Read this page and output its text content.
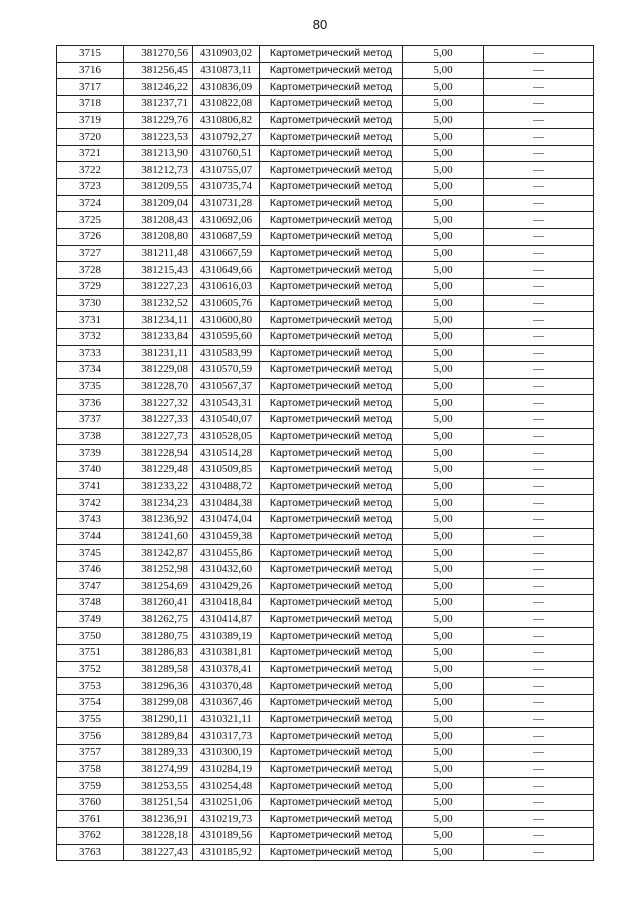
80
3715	381270,56	4310903,02	Картометрический метод	5,00	—
3716	381256,45	4310873,11	Картометрический метод	5,00	—
3717	381246,22	4310836,09	Картометрический метод	5,00	—
3718	381237,71	4310822,08	Картометрический метод	5,00	—
3719	381229,76	4310806,82	Картометрический метод	5,00	—
3720	381223,53	4310792,27	Картометрический метод	5,00	—
3721	381213,90	4310760,51	Картометрический метод	5,00	—
3722	381212,73	4310755,07	Картометрический метод	5,00	—
3723	381209,55	4310735,74	Картометрический метод	5,00	—
3724	381209,04	4310731,28	Картометрический метод	5,00	—
3725	381208,43	4310692,06	Картометрический метод	5,00	—
3726	381208,80	4310687,59	Картометрический метод	5,00	—
3727	381211,48	4310667,59	Картометрический метод	5,00	—
3728	381215,43	4310649,66	Картометрический метод	5,00	—
3729	381227,23	4310616,03	Картометрический метод	5,00	—
3730	381232,52	4310605,76	Картометрический метод	5,00	—
3731	381234,11	4310600,80	Картометрический метод	5,00	—
3732	381233,84	4310595,60	Картометрический метод	5,00	—
3733	381231,11	4310583,99	Картометрический метод	5,00	—
3734	381229,08	4310570,59	Картометрический метод	5,00	—
3735	381228,70	4310567,37	Картометрический метод	5,00	—
3736	381227,32	4310543,31	Картометрический метод	5,00	—
3737	381227,33	4310540,07	Картометрический метод	5,00	—
3738	381227,73	4310528,05	Картометрический метод	5,00	—
3739	381228,94	4310514,28	Картометрический метод	5,00	—
3740	381229,48	4310509,85	Картометрический метод	5,00	—
3741	381233,22	4310488,72	Картометрический метод	5,00	—
3742	381234,23	4310484,38	Картометрический метод	5,00	—
3743	381236,92	4310474,04	Картометрический метод	5,00	—
3744	381241,60	4310459,38	Картометрический метод	5,00	—
3745	381242,87	4310455,86	Картометрический метод	5,00	—
3746	381252,98	4310432,60	Картометрический метод	5,00	—
3747	381254,69	4310429,26	Картометрический метод	5,00	—
3748	381260,41	4310418,84	Картометрический метод	5,00	—
3749	381262,75	4310414,87	Картометрический метод	5,00	—
3750	381280,75	4310389,19	Картометрический метод	5,00	—
3751	381286,83	4310381,81	Картометрический метод	5,00	—
3752	381289,58	4310378,41	Картометрический метод	5,00	—
3753	381296,36	4310370,48	Картометрический метод	5,00	—
3754	381299,08	4310367,46	Картометрический метод	5,00	—
3755	381290,11	4310321,11	Картометрический метод	5,00	—
3756	381289,84	4310317,73	Картометрический метод	5,00	—
3757	381289,33	4310300,19	Картометрический метод	5,00	—
3758	381274,99	4310284,19	Картометрический метод	5,00	—
3759	381253,55	4310254,48	Картометрический метод	5,00	—
3760	381251,54	4310251,06	Картометрический метод	5,00	—
3761	381236,91	4310219,73	Картометрический метод	5,00	—
3762	381228,18	4310189,56	Картометрический метод	5,00	—
3763	381227,43	4310185,92	Картометрический метод	5,00	—
